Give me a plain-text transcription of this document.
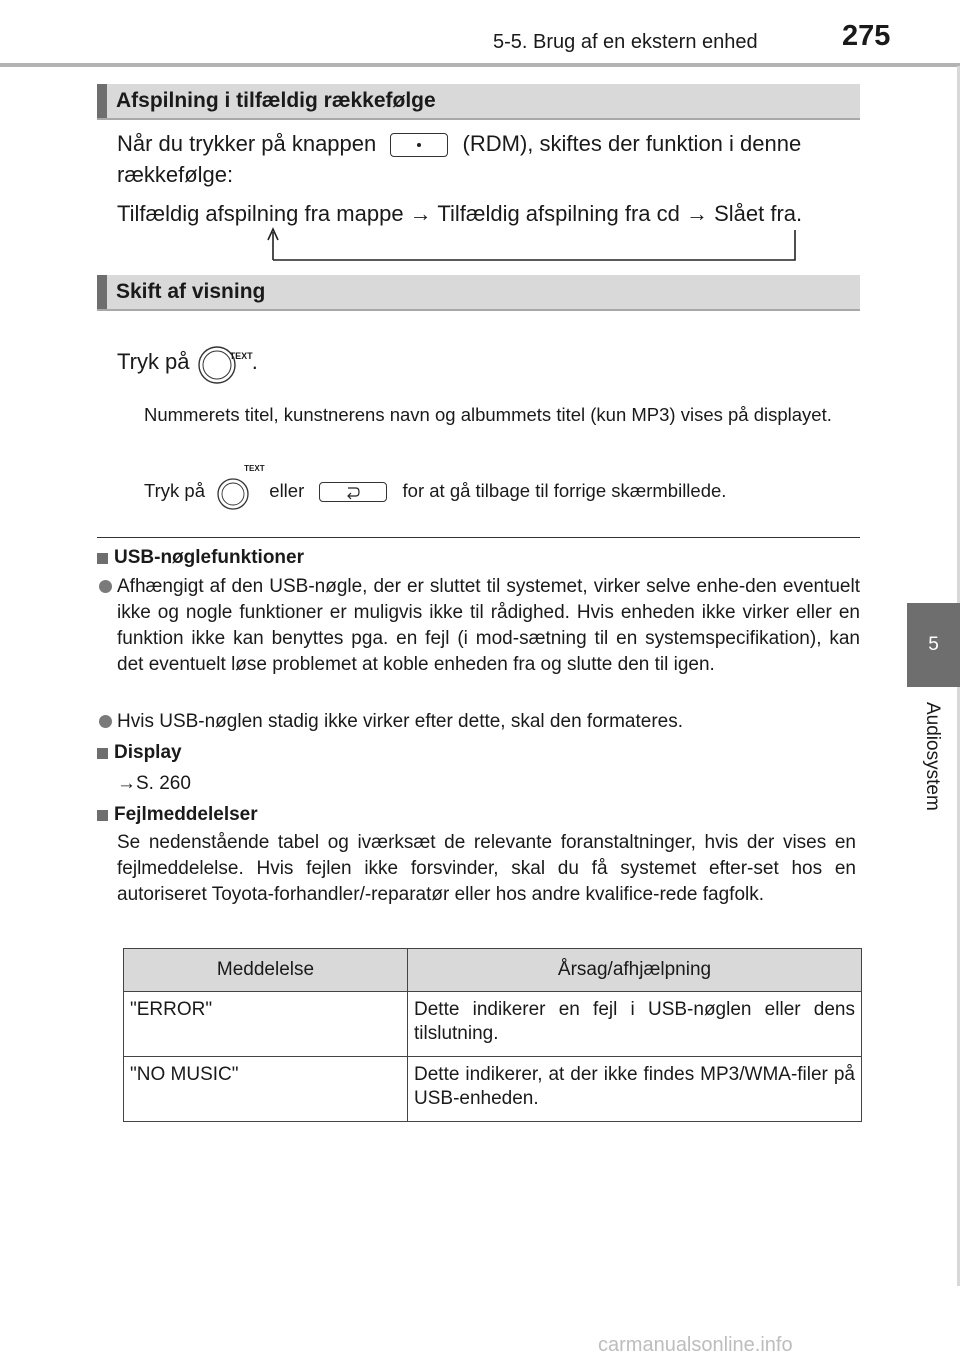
5-5. Brug af en ekstern enhed	275
5
Audiosystem
Afspilning i tilfældig rækkefølge
Når du trykker på knappen	(RDM), skiftes der funktion i denne
rækkefølge:
Tilfældig afspilning fra mappe → Tilfældig afspilning fra cd → Slået fra.
Skift af visning
Tryk på	TEXT .
Nummerets titel, kunstnerens navn og albummets titel (kun MP3) vises på displayet.
Tryk på
TEXT
eller	for at gå tilbage til forrige skærmbillede.
USB-nøglefunktioner
Afhængigt af den USB-nøgle, der er sluttet til systemet, virker selve enhe-den eventuelt ikke og nogle funktioner er muligvis ikke til rådighed. Hvis enheden ikke virker eller en funktion ikke kan benyttes pga. en fejl (i mod-sætning til en systemspecifikation), kan det eventuelt løse problemet at koble enheden fra og slutte den til igen.
Hvis USB-nøglen stadig ikke virker efter dette, skal den formateres.
Display
→S. 260
Fejlmeddelelser
Se nedenstående tabel og iværksæt de relevante foranstaltninger, hvis der vises en fejlmeddelelse. Hvis fejlen ikke forsvinder, skal du få systemet efter-set hos en autoriseret Toyota-forhandler/-reparatør eller hos andre kvalifice-rede fagfolk.
Meddelelse	Årsag/afhjælpning
"ERROR"	Dette indikerer en fejl i USB-nøglen eller dens tilslutning.
"NO MUSIC"	Dette indikerer, at der ikke findes MP3/WMA-filer på USB-enheden.
carmanualsonline.info
